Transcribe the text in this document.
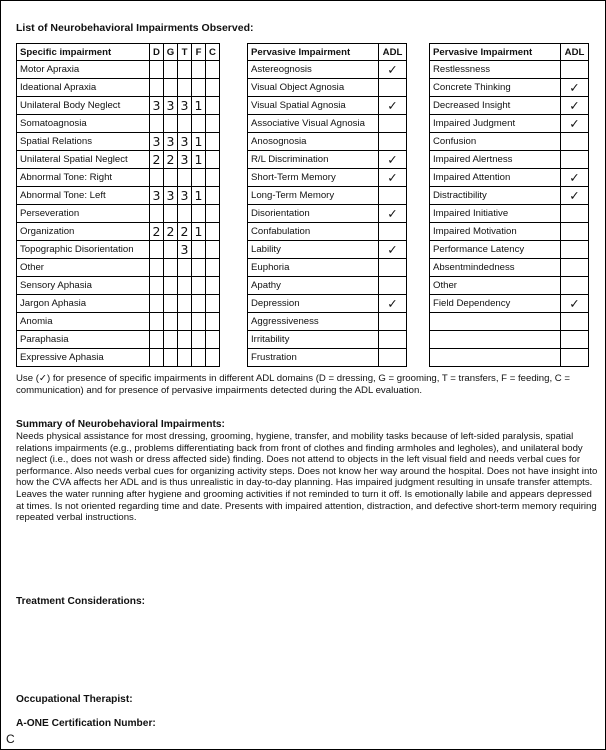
List of Neurobehavioral Impairments Observed:
Specific impairment	D	G	T	F	C
Motor Apraxia					
Ideational Apraxia					
Unilateral Body Neglect	3	3	3	1	
Somatoagnosia					
Spatial Relations	3	3	3	1	
Unilateral Spatial Neglect	2	2	3	1	
Abnormal Tone: Right					
Abnormal Tone: Left	3	3	3	1	
Perseveration					
Organization	2	2	2	1	
Topographic Disorientation			3		
Other					
Sensory Aphasia					
Jargon Aphasia					
Anomia					
Paraphasia					
Expressive Aphasia					
Pervasive Impairment	ADL
Astereognosis	✓
Visual Object Agnosia	
Visual Spatial Agnosia	✓
Associative Visual Agnosia	
Anosognosia	
R/L Discrimination	✓
Short-Term Memory	✓
Long-Term Memory	
Disorientation	✓
Confabulation	
Lability	✓
Euphoria	
Apathy	
Depression	✓
Aggressiveness	
Irritability	
Frustration	
Pervasive Impairment	ADL
Restlessness	
Concrete Thinking	✓
Decreased Insight	✓
Impaired Judgment	✓
Confusion	
Impaired Alertness	
Impaired Attention	✓
Distractibility	✓
Impaired Initiative	
Impaired Motivation	
Performance Latency	
Absentmindedness	
Other	
Field Dependency	✓

Use (✓) for presence of specific impairments in different ADL domains (D = dressing, G = grooming, T = transfers, F = feeding, C = communication) and for presence of pervasive impairments detected during the ADL evaluation.
Summary of Neurobehavioral Impairments:
Needs physical assistance for most dressing, grooming, hygiene, transfer, and mobility tasks because of left-sided paralysis, spatial relations impairments (e.g., problems differentiating back from front of clothes and finding armholes and legholes), and unilateral body neglect (i.e., does not wash or dress affected side) finding. Does not attend to objects in the left visual field and needs verbal cues for performance. Also needs verbal cues for organizing activity steps. Does not know her way around the hospital. Does not have insight into how the CVA affects her ADL and is thus unrealistic in day-to-day planning. Has impaired judgment resulting in unsafe transfer attempts. Leaves the water running after hygiene and grooming activities if not reminded to turn it off. Is emotionally labile and appears depressed at times. Is not oriented regarding time and date. Presents with impaired attention, distraction, and defective short-term memory requiring repeated verbal instructions.
Treatment Considerations:
Occupational Therapist:
A-ONE Certification Number:
C
